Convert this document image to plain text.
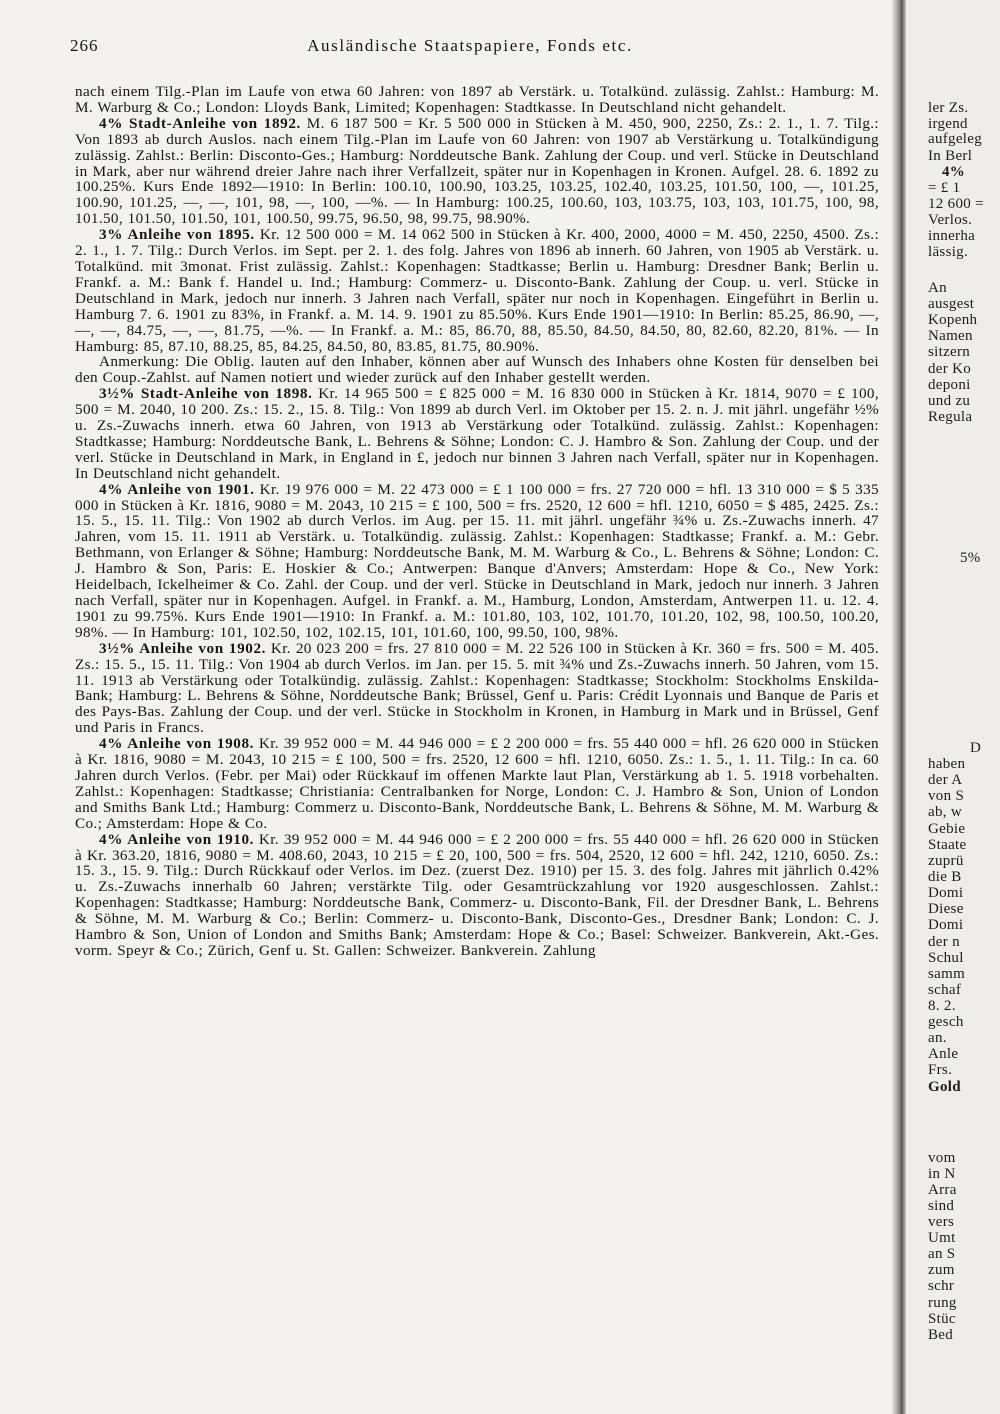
266	Ausländische Staatspapiere, Fonds etc.

nach einem Tilg.-Plan im Laufe von etwa 60 Jahren: von 1897 ab Verstärk. u. Totalkünd. zulässig. Zahlst.: Hamburg: M. M. Warburg & Co.; London: Lloyds Bank, Limited; Kopenhagen: Stadtkasse. In Deutschland nicht gehandelt.

4% Stadt-Anleihe von 1892. M. 6 187 500 = Kr. 5 500 000 in Stücken à M. 450, 900, 2250, Zs.: 2. 1., 1. 7. Tilg.: Von 1893 ab durch Auslos. nach einem Tilg.-Plan im Laufe von 60 Jahren: von 1907 ab Verstärkung u. Totalkündigung zulässig. Zahlst.: Berlin: Disconto-Ges.; Hamburg: Norddeutsche Bank. Zahlung der Coup. und verl. Stücke in Deutschland in Mark, aber nur während dreier Jahre nach ihrer Verfallzeit, später nur in Kopenhagen in Kronen. Aufgel. 28. 6. 1892 zu 100.25%. Kurs Ende 1892—1910: In Berlin: 100.10, 100.90, 103.25, 103.25, 102.40, 103.25, 101.50, 100, —, 101.25, 100.90, 101.25, —, —, 101, 98, —, 100, —%. — In Hamburg: 100.25, 100.60, 103, 103.75, 103, 103, 101.75, 100, 98, 101.50, 101.50, 101.50, 101, 100.50, 99.75, 96.50, 98, 99.75, 98.90%.

3% Anleihe von 1895. Kr. 12 500 000 = M. 14 062 500 in Stücken à Kr. 400, 2000, 4000 = M. 450, 2250, 4500. Zs.: 2. 1., 1. 7. Tilg.: Durch Verlos. im Sept. per 2. 1. des folg. Jahres von 1896 ab innerh. 60 Jahren, von 1905 ab Verstärk. u. Totalkünd. mit 3monat. Frist zulässig. Zahlst.: Kopenhagen: Stadtkasse; Berlin u. Hamburg: Dresdner Bank; Berlin u. Frankf. a. M.: Bank f. Handel u. Ind.; Hamburg: Commerz- u. Disconto-Bank. Zahlung der Coup. u. verl. Stücke in Deutschland in Mark, jedoch nur innerh. 3 Jahren nach Verfall, später nur noch in Kopenhagen. Eingeführt in Berlin u. Hamburg 7. 6. 1901 zu 83%, in Frankf. a. M. 14. 9. 1901 zu 85.50%. Kurs Ende 1901—1910: In Berlin: 85.25, 86.90, —, —, —, 84.75, —, —, 81.75, —%. — In Frankf. a. M.: 85, 86.70, 88, 85.50, 84.50, 84.50, 80, 82.60, 82.20, 81%. — In Hamburg: 85, 87.10, 88.25, 85, 84.25, 84.50, 80, 83.85, 81.75, 80.90%.

Anmerkung: Die Oblig. lauten auf den Inhaber, können aber auf Wunsch des Inhabers ohne Kosten für denselben bei den Coup.-Zahlst. auf Namen notiert und wieder zurück auf den Inhaber gestellt werden.

3½% Stadt-Anleihe von 1898. Kr. 14 965 500 = £ 825 000 = M. 16 830 000 in Stücken à Kr. 1814, 9070 = £ 100, 500 = M. 2040, 10 200. Zs.: 15. 2., 15. 8. Tilg.: Von 1899 ab durch Verl. im Oktober per 15. 2. n. J. mit jährl. ungefähr ½% u. Zs.-Zuwachs innerh. etwa 60 Jahren, von 1913 ab Verstärkung oder Totalkünd. zulässig. Zahlst.: Kopenhagen: Stadtkasse; Hamburg: Norddeutsche Bank, L. Behrens & Söhne; London: C. J. Hambro & Son. Zahlung der Coup. und der verl. Stücke in Deutschland in Mark, in England in £, jedoch nur binnen 3 Jahren nach Verfall, später nur in Kopenhagen. In Deutschland nicht gehandelt.

4% Anleihe von 1901. Kr. 19 976 000 = M. 22 473 000 = £ 1 100 000 = frs. 27 720 000 = hfl. 13 310 000 = $ 5 335 000 in Stücken à Kr. 1816, 9080 = M. 2043, 10 215 = £ 100, 500 = frs. 2520, 12 600 = hfl. 1210, 6050 = $ 485, 2425. Zs.: 15. 5., 15. 11. Tilg.: Von 1902 ab durch Verlos. im Aug. per 15. 11. mit jährl. ungefähr ¾% u. Zs.-Zuwachs innerh. 47 Jahren, vom 15. 11. 1911 ab Verstärk. u. Totalkündig. zulässig. Zahlst.: Kopenhagen: Stadtkasse; Frankf. a. M.: Gebr. Bethmann, von Erlanger & Söhne; Hamburg: Norddeutsche Bank, M. M. Warburg & Co., L. Behrens & Söhne; London: C. J. Hambro & Son, Paris: E. Hoskier & Co.; Antwerpen: Banque d'Anvers; Amsterdam: Hope & Co., New York: Heidelbach, Ickelheimer & Co. Zahl. der Coup. und der verl. Stücke in Deutschland in Mark, jedoch nur innerh. 3 Jahren nach Verfall, später nur in Kopenhagen. Aufgel. in Frankf. a. M., Hamburg, London, Amsterdam, Antwerpen 11. u. 12. 4. 1901 zu 99.75%. Kurs Ende 1901—1910: In Frankf. a. M.: 101.80, 103, 102, 101.70, 101.20, 102, 98, 100.50, 100.20, 98%. — In Hamburg: 101, 102.50, 102, 102.15, 101, 101.60, 100, 99.50, 100, 98%.

3½% Anleihe von 1902. Kr. 20 023 200 = frs. 27 810 000 = M. 22 526 100 in Stücken à Kr. 360 = frs. 500 = M. 405. Zs.: 15. 5., 15. 11. Tilg.: Von 1904 ab durch Verlos. im Jan. per 15. 5. mit ¾% und Zs.-Zuwachs innerh. 50 Jahren, vom 15. 11. 1913 ab Verstärkung oder Totalkündig. zulässig. Zahlst.: Kopenhagen: Stadtkasse; Stockholm: Stockholms Enskilda-Bank; Hamburg: L. Behrens & Söhne, Norddeutsche Bank; Brüssel, Genf u. Paris: Crédit Lyonnais und Banque de Paris et des Pays-Bas. Zahlung der Coup. und der verl. Stücke in Stockholm in Kronen, in Hamburg in Mark und in Brüssel, Genf und Paris in Francs.

4% Anleihe von 1908. Kr. 39 952 000 = M. 44 946 000 = £ 2 200 000 = frs. 55 440 000 = hfl. 26 620 000 in Stücken à Kr. 1816, 9080 = M. 2043, 10 215 = £ 100, 500 = frs. 2520, 12 600 = hfl. 1210, 6050. Zs.: 1. 5., 1. 11. Tilg.: In ca. 60 Jahren durch Verlos. (Febr. per Mai) oder Rückkauf im offenen Markte laut Plan, Verstärkung ab 1. 5. 1918 vorbehalten. Zahlst.: Kopenhagen: Stadtkasse; Christiania: Centralbanken for Norge, London: C. J. Hambro & Son, Union of London and Smiths Bank Ltd.; Hamburg: Commerz u. Disconto-Bank, Norddeutsche Bank, L. Behrens & Söhne, M. M. Warburg & Co.; Amsterdam: Hope & Co.

4% Anleihe von 1910. Kr. 39 952 000 = M. 44 946 000 = £ 2 200 000 = frs. 55 440 000 = hfl. 26 620 000 in Stücken à Kr. 363.20, 1816, 9080 = M. 408.60, 2043, 10 215 = £ 20, 100, 500 = frs. 504, 2520, 12 600 = hfl. 242, 1210, 6050. Zs.: 15. 3., 15. 9. Tilg.: Durch Rückkauf oder Verlos. im Dez. (zuerst Dez. 1910) per 15. 3. des folg. Jahres mit jährlich 0.42% u. Zs.-Zuwachs innerhalb 60 Jahren; verstärkte Tilg. oder Gesamtrückzahlung vor 1920 ausgeschlossen. Zahlst.: Kopenhagen: Stadtkasse; Hamburg: Norddeutsche Bank, Commerz- u. Disconto-Bank, Fil. der Dresdner Bank, L. Behrens & Söhne, M. M. Warburg & Co.; Berlin: Commerz- u. Disconto-Bank, Disconto-Ges., Dresdner Bank; London: C. J. Hambro & Son, Union of London and Smiths Bank; Amsterdam: Hope & Co.; Basel: Schweizer. Bankverein, Akt.-Ges. vorm. Speyr & Co.; Zürich, Genf u. St. Gallen: Schweizer. Bankverein. Zahlung

ler Zs.
irgend
aufgeleg
In Berl
4%
= £ 1
12 600 =
Verlos.
innerha
lässig.
An
ausgest
Kopenh
Namen
sitzern
der Ko
deponi
und zu
Regula
5%
D
haben
der A
von S
ab, w
Gebie
Staate
zuprü
die B
Domi
Diese
Domi
der n
Schul
samm
schaf
8. 2.
gesch
an.
Anle
Frs.
Gold
vom
in N
Arra
sind
vers
Umt
an S
zum
schr
rung
Stüc
Bed
